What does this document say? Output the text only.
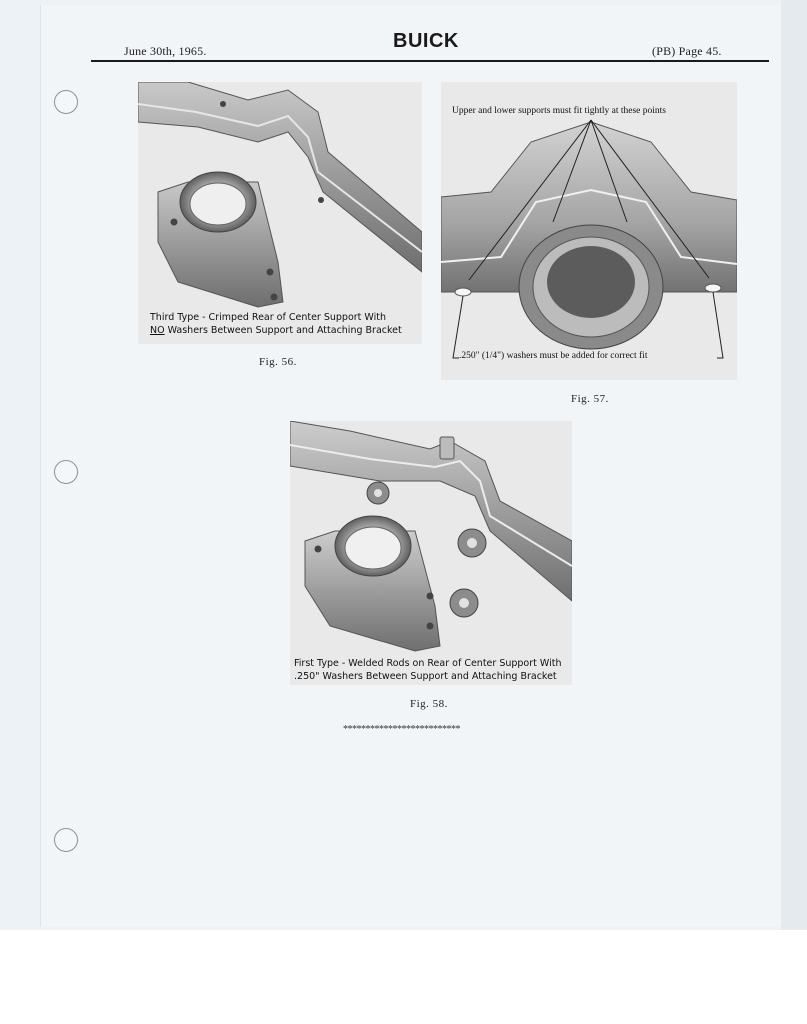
June 30th, 1965.	BUICK	(PB) Page 45.
Third Type - Crimped Rear of Center Support With
NO Washers Between Support and Attaching Bracket
Fig. 56.
Upper and lower supports must fit tightly at these points
.250" (1/4") washers must be added for correct fit
Fig. 57.
First Type - Welded Rods on Rear of Center Support With
.250" Washers Between Support and Attaching Bracket
Fig. 58.
**************************
